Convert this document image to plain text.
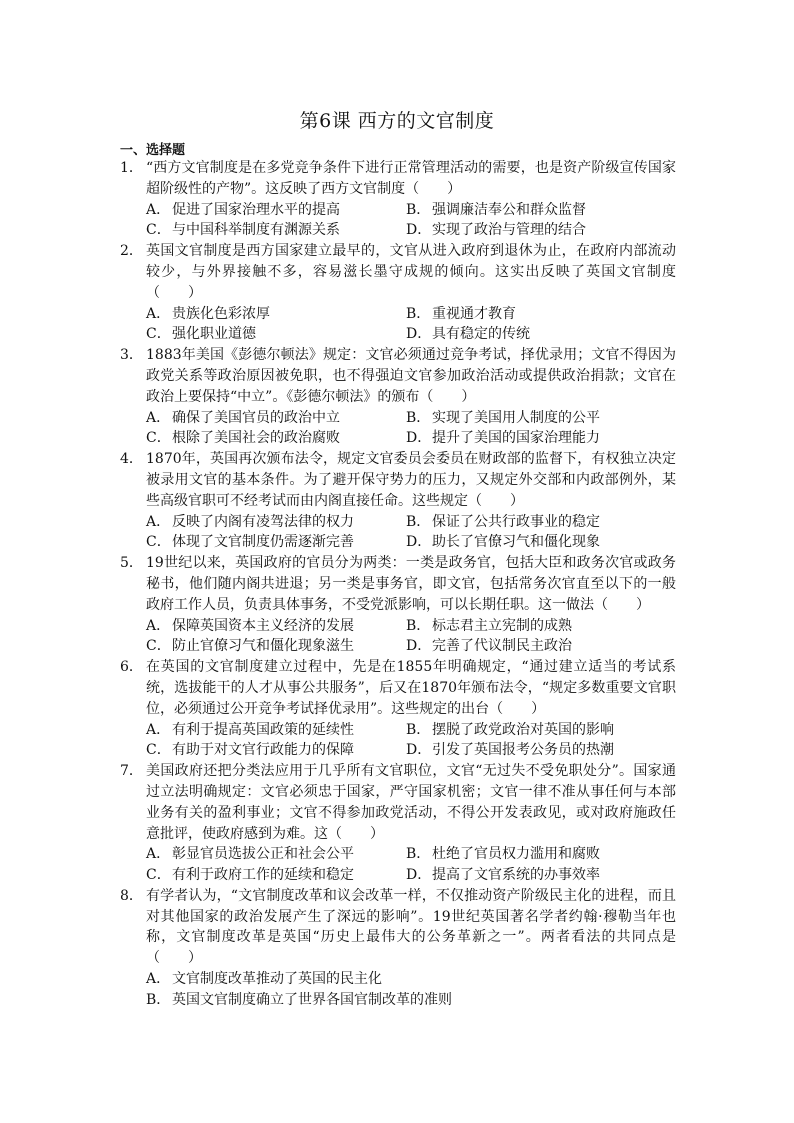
第6课 西方的文官制度
一、选择题
1． “西方文官制度是在多党竞争条件下进行正常管理活动的需要，也是资产阶级宣传国家超阶级性的产物”。这反映了西方文官制度（　　）
A． 促进了国家治理水平的提高	B． 强调廉洁奉公和群众监督
C．与中国科举制度有渊源关系	D．实现了政治与管理的结合
2． 英国文官制度是西方国家建立最早的，文官从进入政府到退休为止，在政府内部流动较少，与外界接触不多，容易滋长墨守成规的倾向。这实出反映了英国文官制度（　　）
A． 贵族化色彩浓厚	B． 重视通才教育
C．强化职业道德	D．具有稳定的传统
3． 1883年美国《彭德尔顿法》规定：文官必须通过竞争考试，择优录用；文官不得因为政党关系等政治原因被免职，也不得强迫文官参加政治活动或提供政治捐款；文官在政治上要保持“中立”。《彭德尔顿法》的颁布（　　）
A． 确保了美国官员的政治中立	B． 实现了美国用人制度的公平
C．根除了美国社会的政治腐败	D．提升了美国的国家治理能力
4． 1870年，英国再次颁布法令，规定文官委员会委员在财政部的监督下，有权独立决定被录用文官的基本条件。为了避开保守势力的压力，又规定外交部和内政部例外，某些高级官职可不经考试而由内阁直接任命。这些规定（　　）
A． 反映了内阁有凌驾法律的权力	B． 保证了公共行政事业的稳定
C．体现了文官制度仍需逐渐完善	D．助长了官僚习气和僵化现象
5． 19世纪以来，英国政府的官员分为两类：一类是政务官，包括大臣和政务次官或政务秘书，他们随内阁共进退；另一类是事务官，即文官，包括常务次官直至以下的一般政府工作人员，负责具体事务，不受党派影响，可以长期任职。这一做法（　　）
A． 保障英国资本主义经济的发展	B． 标志君主立宪制的成熟
C．防止官僚习气和僵化现象滋生	D．完善了代议制民主政治
6． 在英国的文官制度建立过程中，先是在1855年明确规定，“通过建立适当的考试系统，选拔能干的人才从事公共服务”，后又在1870年颁布法令，“规定多数重要文官职位，必须通过公开竞争考试择优录用”。这些规定的出台（　　）
A． 有利于提高英国政策的延续性	B． 摆脱了政党政治对英国的影响
C．有助于对文官行政能力的保障	D．引发了英国报考公务员的热潮
7． 美国政府还把分类法应用于几乎所有文官职位，文官“无过失不受免职处分”。国家通过立法明确规定：文官必须忠于国家，严守国家机密；文官一律不准从事任何与本部业务有关的盈利事业；文官不得参加政党活动，不得公开发表政见，或对政府施政任意批评，使政府感到为难。这（　　）
A． 彰显官员选拔公正和社会公平	B． 杜绝了官员权力滥用和腐败
C．有利于政府工作的延续和稳定	D．提高了文官系统的办事效率
8． 有学者认为，“文官制度改革和议会改革一样，不仅推动资产阶级民主化的进程，而且对其他国家的政治发展产生了深远的影响”。19世纪英国著名学者约翰·穆勒当年也称，文官制度改革是英国“历史上最伟大的公务革新之一”。两者看法的共同点是（　　）
A． 文官制度改革推动了英国的民主化
B． 英国文官制度确立了世界各国官制改革的准则
